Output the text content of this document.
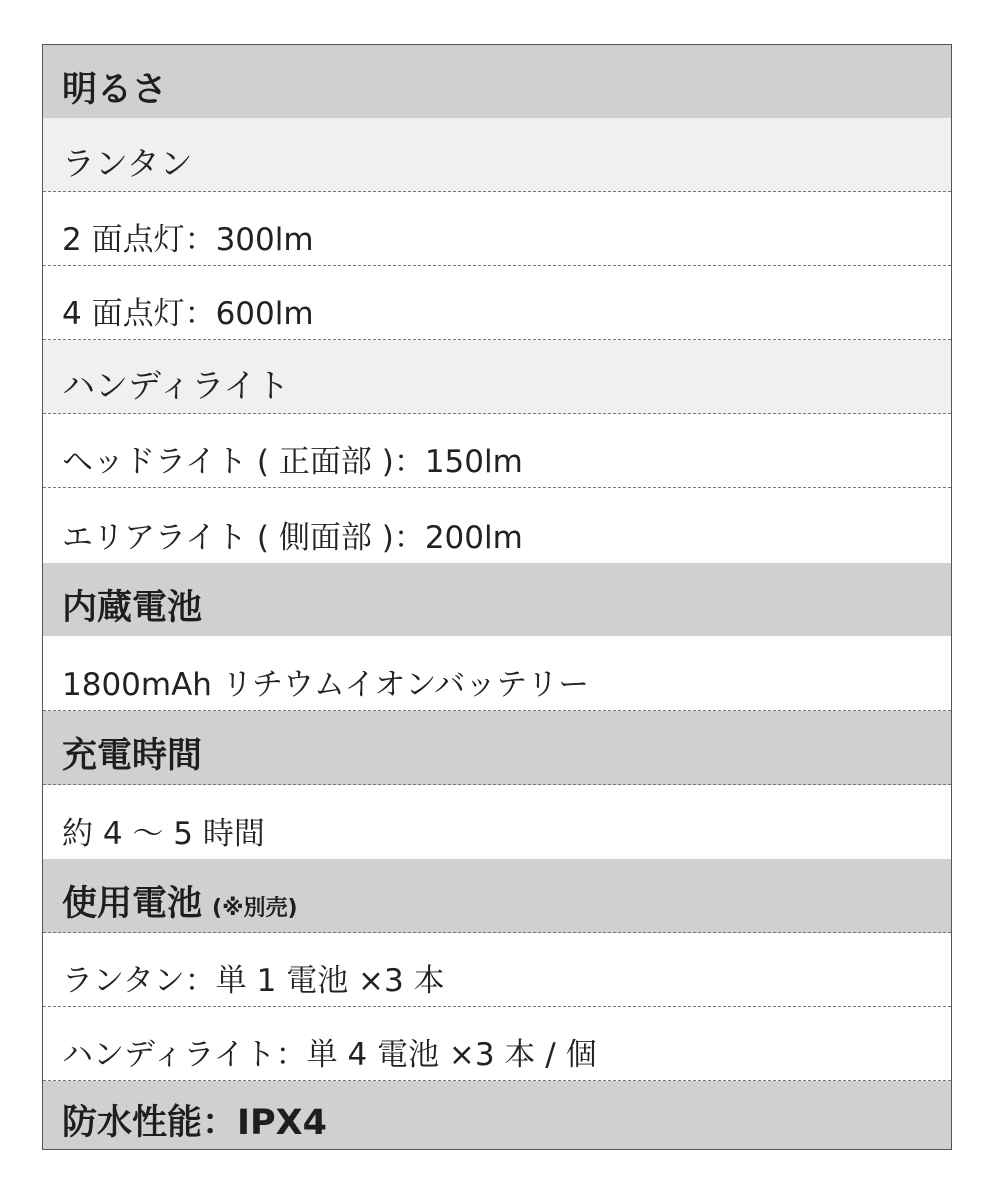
明るさ
ランタン
2 面点灯：300lm
4 面点灯：600lm
ハンディライト
ヘッドライト ( 正面部 )：150lm
エリアライト ( 側面部 )：200lm
内蔵電池
1800mAh リチウムイオンバッテリー
充電時間
約 4 〜 5 時間
使用電池 (※別売)
ランタン：単 1 電池 ×3 本
ハンディライト：単 4 電池 ×3 本 / 個
防水性能：IPX4
